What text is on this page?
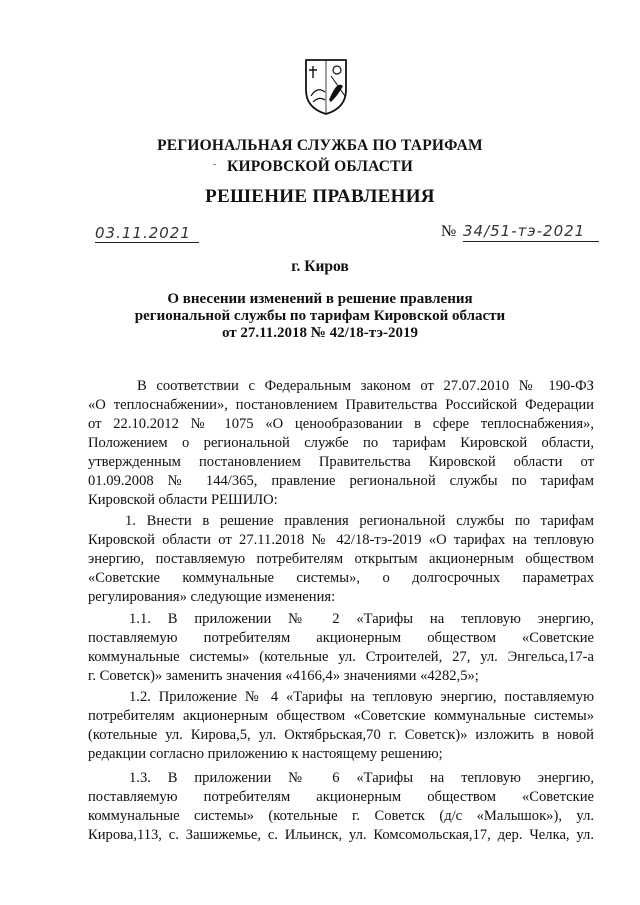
РЕГИОНАЛЬНАЯ СЛУЖБА ПО ТАРИФАМ
КИРОВСКОЙ ОБЛАСТИ
РЕШЕНИЕ ПРАВЛЕНИЯ
03.11.2021	№ 34/51-тэ-2021
г. Киров
О внесении изменений в решение правления
региональной службы по тарифам Кировской области
от 27.11.2018 № 42/18-тэ-2019
В соответствии с Федеральным законом от 27.07.2010 № 190-ФЗ
«О теплоснабжении», постановлением Правительства Российской Федерации
от 22.10.2012 № 1075 «О ценообразовании в сфере теплоснабжения»,
Положением о региональной службе по тарифам Кировской области,
утвержденным постановлением Правительства Кировской области от
01.09.2008 № 144/365, правление региональной службы по тарифам
Кировской области РЕШИЛО:
1. Внести в решение правления региональной службы по тарифам
Кировской области от 27.11.2018 № 42/18-тэ-2019 «О тарифах на тепловую
энергию, поставляемую потребителям открытым акционерным обществом
«Советские коммунальные системы», о долгосрочных параметрах
регулирования» следующие изменения:
1.1. В приложении № 2 «Тарифы на тепловую энергию,
поставляемую потребителям акционерным обществом «Советские
коммунальные системы» (котельные ул. Строителей, 27, ул. Энгельса,17-а
г. Советск)» заменить значения «4166,4» значениями «4282,5»;
1.2. Приложение № 4 «Тарифы на тепловую энергию, поставляемую
потребителям акционерным обществом «Советские коммунальные системы»
(котельные ул. Кирова,5, ул. Октябрьская,70 г. Советск)» изложить в новой
редакции согласно приложению к настоящему решению;
1.3. В приложении № 6 «Тарифы на тепловую энергию,
поставляемую потребителям акционерным обществом «Советские
коммунальные системы» (котельные г. Советск (д/с «Малышок»), ул.
Кирова,113, с. Зашижемье, с. Ильинск, ул. Комсомольская,17, дер. Челка, ул.
